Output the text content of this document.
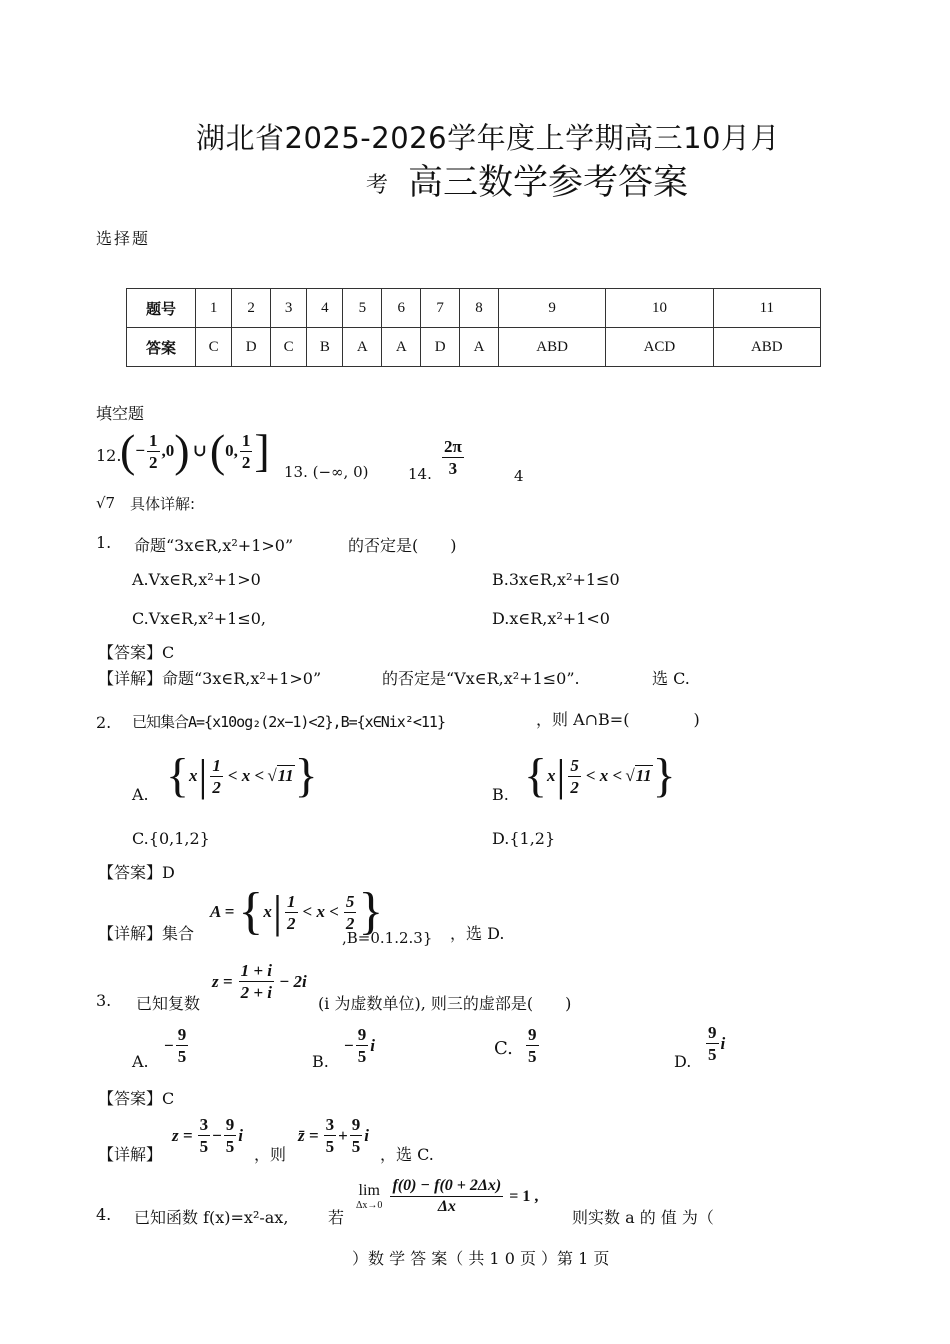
湖北省2025-2026学年度上学期高三10月月
考 高三数学参考答案
选择题
题号	1	2	3	4	5	6	7	8	9	10	11
答案	C	D	C	B	A	A	D	A	ABD	ACD	ABD
填空题
12.
( − $\frac{1}{2} ,0$ ) ∪ ( 0, $\frac{1}{2}$ ] 13. (−∞, 0)	14. $\frac{2\pi}{3}$	4
√7 具体详解:
1. 命题“3x∈R,x²+1>0”	的否定是(　　)
A.Vx∈R,x²+1>0	B.3x∈R,x²+1≤0
C.Vx∈R,x²+1≤0,	D.x∈R,x²+1<0
【答案】C
【详解】命题“3x∈R,x²+1>0”	的否定是“Vx∈R,x²+1≤0”.	选 C.
2. 已知集合A={x10og₂(2x−1)<2},B={x∈Nix²<11}	，则 A∩B=(　　　　)
A. { x | $\frac{1}{2} < x < √11$ }	B. { x | $\frac{5}{2} < x < √11$ }
C.{0,1,2}	D.{1,2}
【答案】D
【详解】集合
A = { x | $\frac{1}{2} < x < \frac{5}{2}$ }
,B=0.1.2.3} ，选 D.
3. 已知复数
$z = \frac{1 + i}{2 + i} - 2i$
(i 为虚数单位), 则三的虚部是(　　)
A.
− $\frac{9}{5}$	B.
− $\frac{9}{5}$ i	C. $\frac{9}{5}$	D. $\frac{9}{5}$ i
【答案】C
【详解】
$z = \frac{3}{5} - \frac{9}{5}$ i
，则
z̄ = $\frac{3}{5} + \frac{9}{5}$ i
，选 C.
4. 已知函数 f(x)=x²-ax, 若
lim
$\Delta x\to 0 \frac{f(0) - f(0 + 2\Delta x)}{\Delta x} = 1$ ,
则实数 a 的 值 为（
）数 学 答 案（ 共 1 0 页 ）第 1 页
